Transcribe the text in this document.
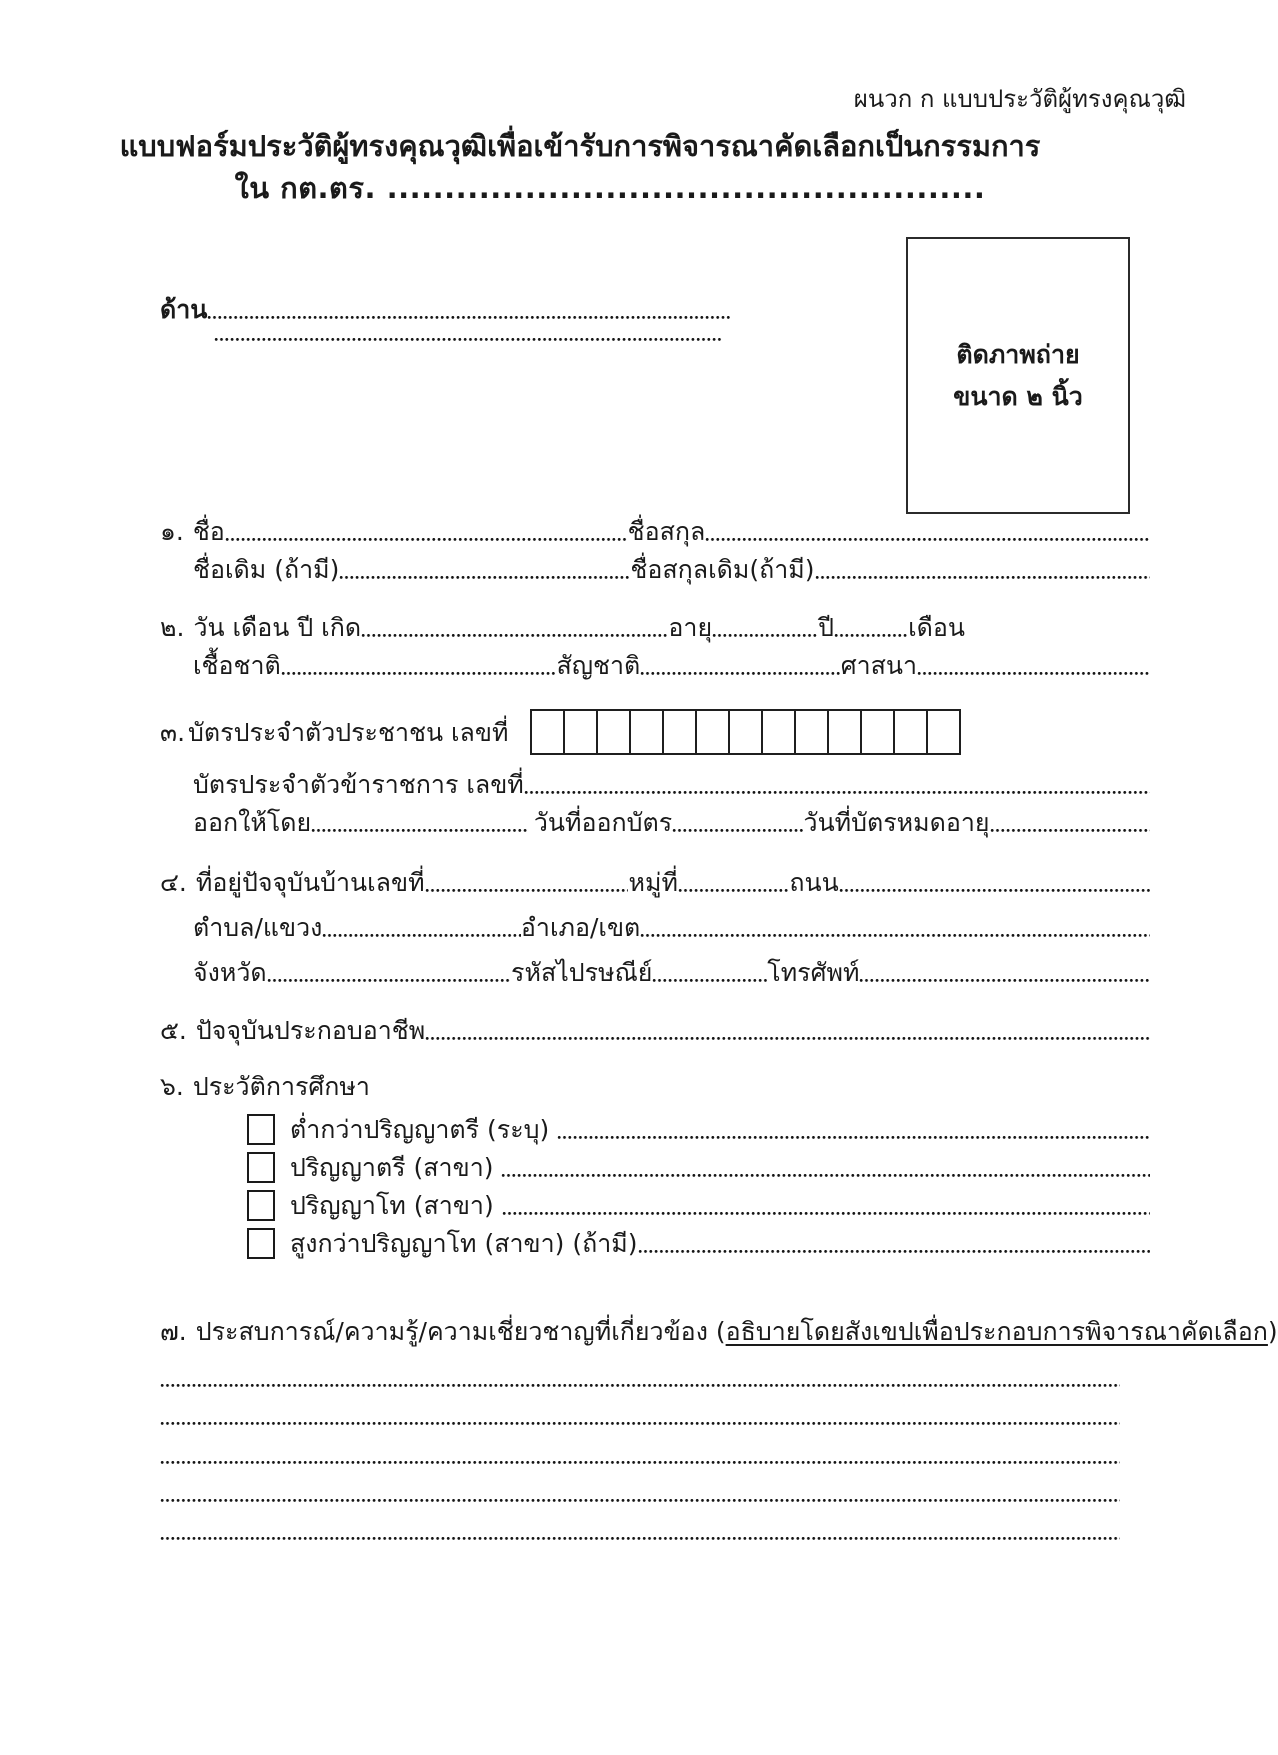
ผนวก ก แบบประวัติผู้ทรงคุณวุฒิ
แบบฟอร์มประวัติผู้ทรงคุณวุฒิเพื่อเข้ารับการพิจารณาคัดเลือกเป็นกรรมการ
ใน กต.ตร. ....................................................
ติดภาพถ่าย
ขนาด ๒ นิ้ว
ด้าน
๑. ชื่อ	ชื่อสกุล
ชื่อเดิม (ถ้ามี)	ชื่อสกุลเดิม(ถ้ามี)
๒. วัน เดือน ปี เกิด	อายุ	ปี	เดือน
เชื้อชาติ	สัญชาติ	ศาสนา
๓. บัตรประจำตัวประชาชน เลขที่
บัตรประจำตัวข้าราชการ เลขที่
ออกให้โดย	วันที่ออกบัตร	วันที่บัตรหมดอายุ
๔. ที่อยู่ปัจจุบันบ้านเลขที่	หมู่ที่	ถนน
ตำบล/แขวง	อำเภอ/เขต
จังหวัด	รหัสไปรษณีย์	โทรศัพท์
๕. ปัจจุบันประกอบอาชีพ
๖. ประวัติการศึกษา
ต่ำกว่าปริญญาตรี (ระบุ)
ปริญญาตรี (สาขา)
ปริญญาโท (สาขา)
สูงกว่าปริญญาโท (สาขา) (ถ้ามี)
๗. ประสบการณ์/ความรู้/ความเชี่ยวชาญที่เกี่ยวข้อง ( อธิบายโดยสังเขปเพื่อประกอบการพิจารณาคัดเลือก )
